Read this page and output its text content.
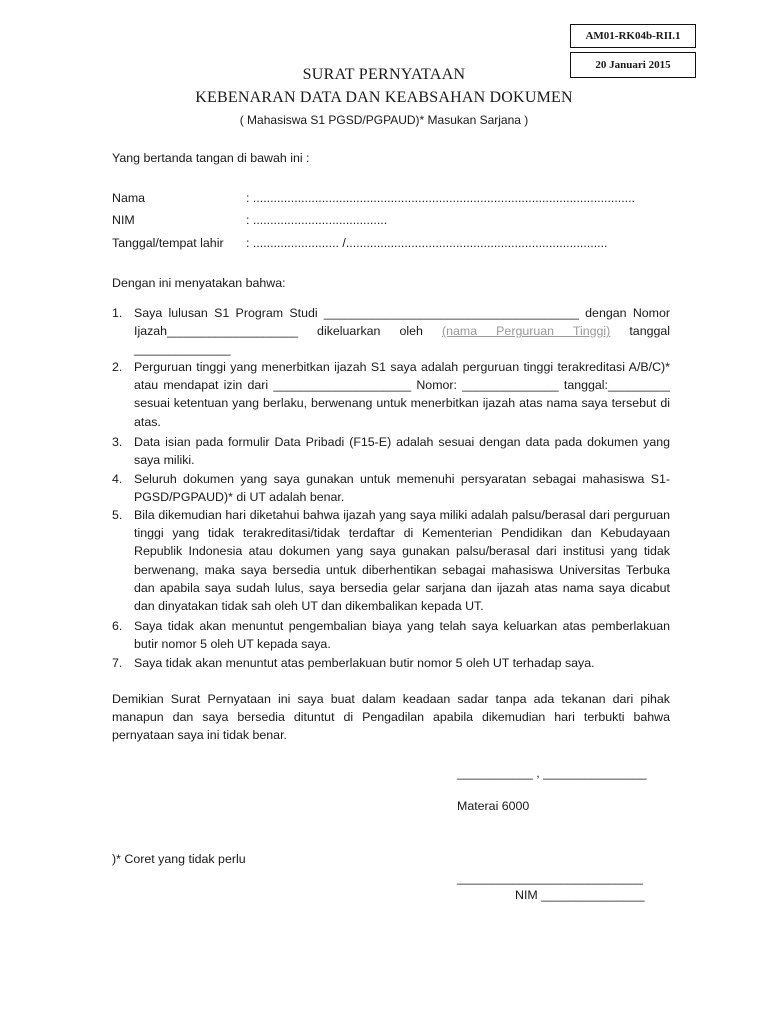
AM01-RK04b-RII.1
20 Januari 2015
SURAT PERNYATAAN
KEBENARAN DATA DAN KEABSAHAN DOKUMEN
( Mahasiswa S1 PGSD/PGPAUD)* Masukan Sarjana )
Yang bertanda tangan di bawah ini :
Nama	: ...............................................................................................................
NIM	: .......................................
Tanggal/tempat lahir : ......................... /............................................................................
Dengan ini menyatakan bahwa:
1. Saya lulusan S1 Program Studi _____________________________________ dengan Nomor Ijazah___________________ dikeluarkan oleh (nama Perguruan Tinggi) tanggal ______________
2. Perguruan tinggi yang menerbitkan ijazah S1 saya adalah perguruan tinggi terakreditasi A/B/C)* atau mendapat izin dari ____________________ Nomor: ______________ tanggal:_________ sesuai ketentuan yang berlaku, berwenang untuk menerbitkan ijazah atas nama saya tersebut di atas.
3. Data isian pada formulir Data Pribadi (F15-E) adalah sesuai dengan data pada dokumen yang saya miliki.
4. Seluruh dokumen yang saya gunakan untuk memenuhi persyaratan sebagai mahasiswa S1-PGSD/PGPAUD)* di UT adalah benar.
5. Bila dikemudian hari diketahui bahwa ijazah yang saya miliki adalah palsu/berasal dari perguruan tinggi yang tidak terakreditasi/tidak terdaftar di Kementerian Pendidikan dan Kebudayaan Republik Indonesia atau dokumen yang saya gunakan palsu/berasal dari institusi yang tidak berwenang, maka saya bersedia untuk diberhentikan sebagai mahasiswa Universitas Terbuka dan apabila saya sudah lulus, saya bersedia gelar sarjana dan ijazah atas nama saya dicabut dan dinyatakan tidak sah oleh UT dan dikembalikan kepada UT.
6. Saya tidak akan menuntut pengembalian biaya yang telah saya keluarkan atas pemberlakuan butir nomor 5 oleh UT kepada saya.
7. Saya tidak akan menuntut atas pemberlakuan butir nomor 5 oleh UT terhadap saya.
Demikian Surat Pernyataan ini saya buat dalam keadaan sadar tanpa ada tekanan dari pihak manapun dan saya bersedia dituntut di Pengadilan apabila dikemudian hari terbukti bahwa pernyataan saya ini tidak benar.
___________ , _______________
Materai 6000
)* Coret yang tidak perlu
___________________________
NIM _______________
